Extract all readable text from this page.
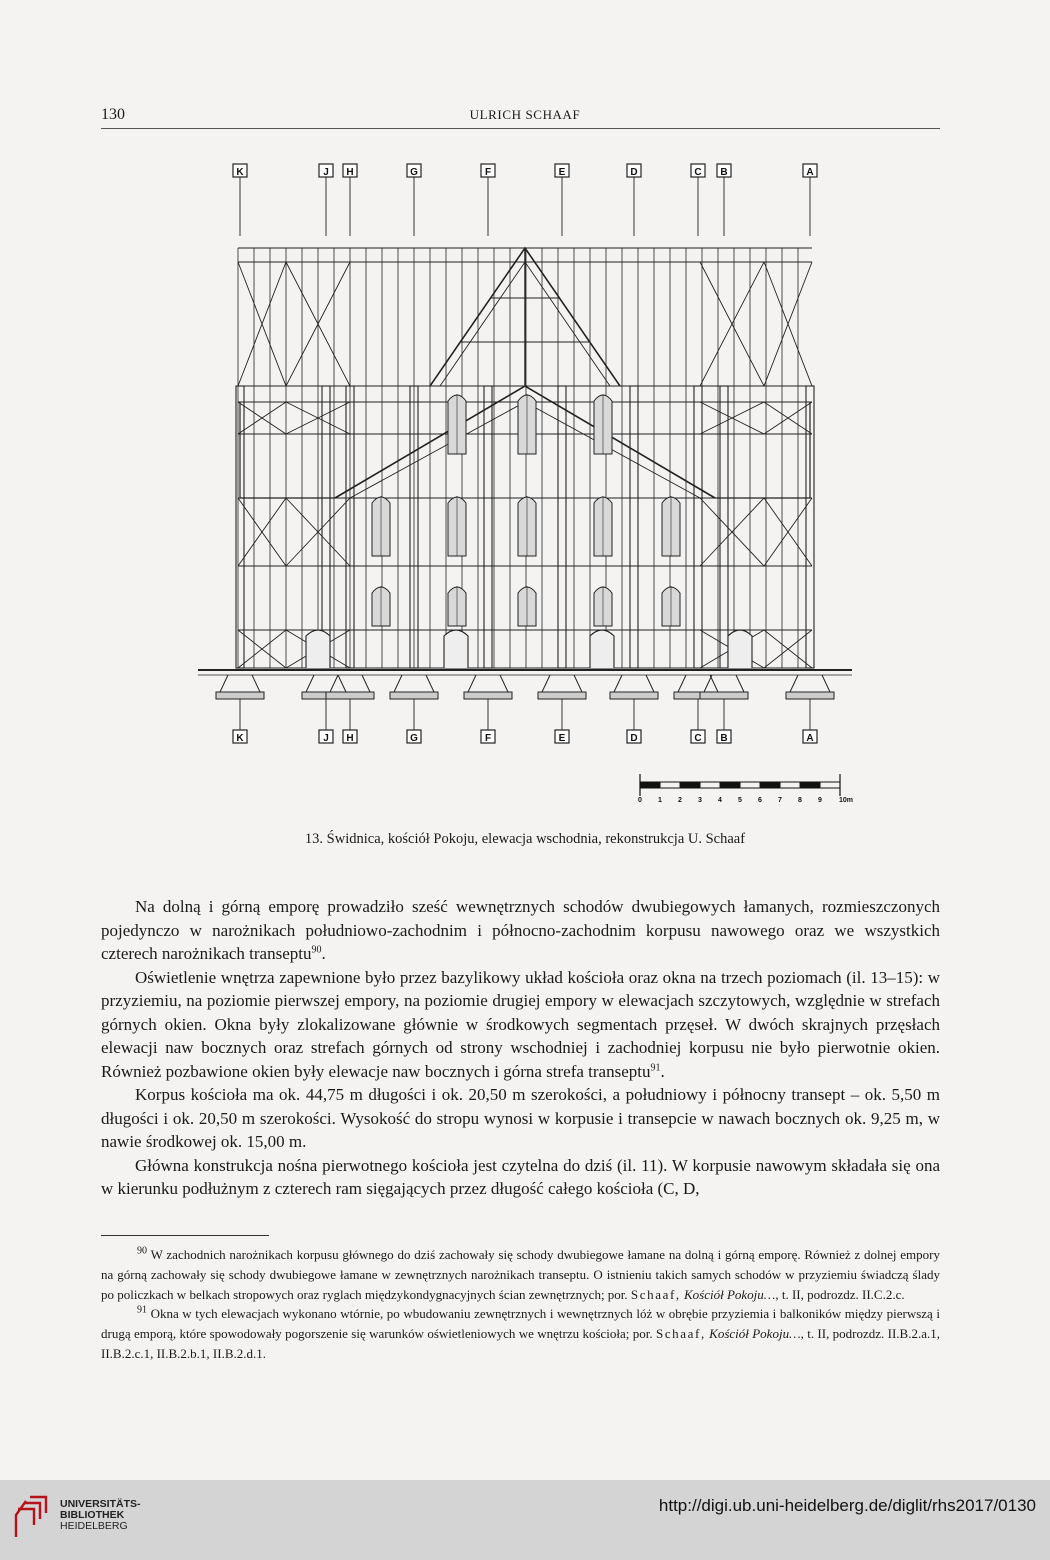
130	ULRICH SCHAAF
K	J H	G	F	E	D	C B	A
K	J H	G	F	E	D	C B	A
0 1 2 3 4 5 6 7 8 9 10m
13. Świdnica, kościół Pokoju, elewacja wschodnia, rekonstrukcja U. Schaaf

Na dolną i górną emporę prowadziło sześć wewnętrznych schodów dwubiegowych łamanych, rozmieszczonych pojedynczo w narożnikach południowo-zachodnim i północno-zachodnim korpusu nawowego oraz we wszystkich czterech narożnikach transeptu$^{90}$.

Oświetlenie wnętrza zapewnione było przez bazylikowy układ kościoła oraz okna na trzech poziomach (il. 13–15): w przyziemiu, na poziomie pierwszej empory, na poziomie drugiej empory w elewacjach szczytowych, względnie w strefach górnych okien. Okna były zlokalizowane głównie w środkowych segmentach przęseł. W dwóch skrajnych przęsłach elewacji naw bocznych oraz strefach górnych od strony wschodniej i zachodniej korpusu nie było pierwotnie okien. Również pozbawione okien były elewacje naw bocznych i górna strefa transeptu$^{91}$.

Korpus kościoła ma ok. 44,75 m długości i ok. 20,50 m szerokości, a południowy i północny transept – ok. 5,50 m długości i ok. 20,50 m szerokości. Wysokość do stropu wynosi w korpusie i transepcie w nawach bocznych ok. 9,25 m, w nawie środkowej ok. 15,00 m.

Główna konstrukcja nośna pierwotnego kościoła jest czytelna do dziś (il. 11). W korpusie nawowym składała się ona w kierunku podłużnym z czterech ram sięgających przez długość całego kościoła (C, D,

$^{90}$ W zachodnich narożnikach korpusu głównego do dziś zachowały się schody dwubiegowe łamane na dolną i górną emporę. Również z dolnej empory na górną zachowały się schody dwubiegowe łamane w zewnętrznych narożnikach transeptu. O istnieniu takich samych schodów w przyziemiu świadczą ślady po policzkach w belkach stropowych oraz ryglach międzykondygnacyjnych ścian zewnętrznych; por. Schaaf, Kościół Pokoju…, t. II, podrozdz. II.C.2.c.

$^{91}$ Okna w tych elewacjach wykonano wtórnie, po wbudowaniu zewnętrznych i wewnętrznych lóż w obrębie przyziemia i balkoników między pierwszą i drugą emporą, które spowodowały pogorszenie się warunków oświetleniowych we wnętrzu kościoła; por. Schaaf, Kościół Pokoju…, t. II, podrozdz. II.B.2.a.1, II.B.2.c.1, II.B.2.b.1, II.B.2.d.1.

UNIVERSITÄTS-
BIBLIOTHEK
HEIDELBERG
http://digi.ub.uni-heidelberg.de/diglit/rhs2017/0130
